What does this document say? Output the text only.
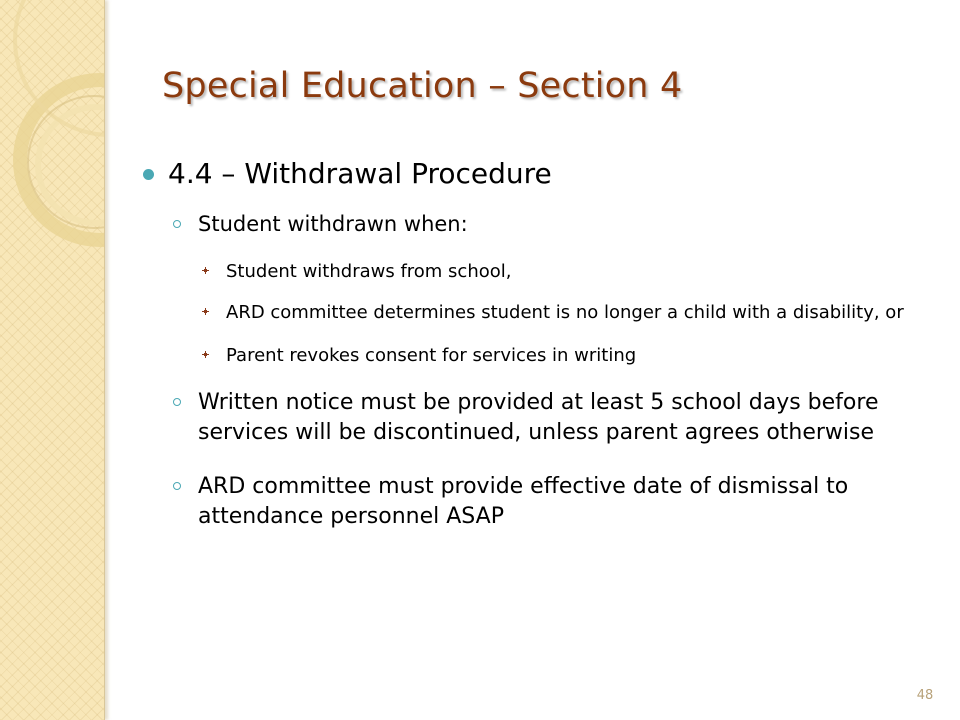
Special Education – Section 4

4.4 – Withdrawal Procedure

Student withdrawn when:

Student withdraws from school,

ARD committee determines student is no longer a child with a disability, or

Parent revokes consent for services in writing

Written notice must be provided at least 5 school days before services will be discontinued, unless parent agrees otherwise

ARD committee must provide effective date of dismissal to attendance personnel ASAP

48
